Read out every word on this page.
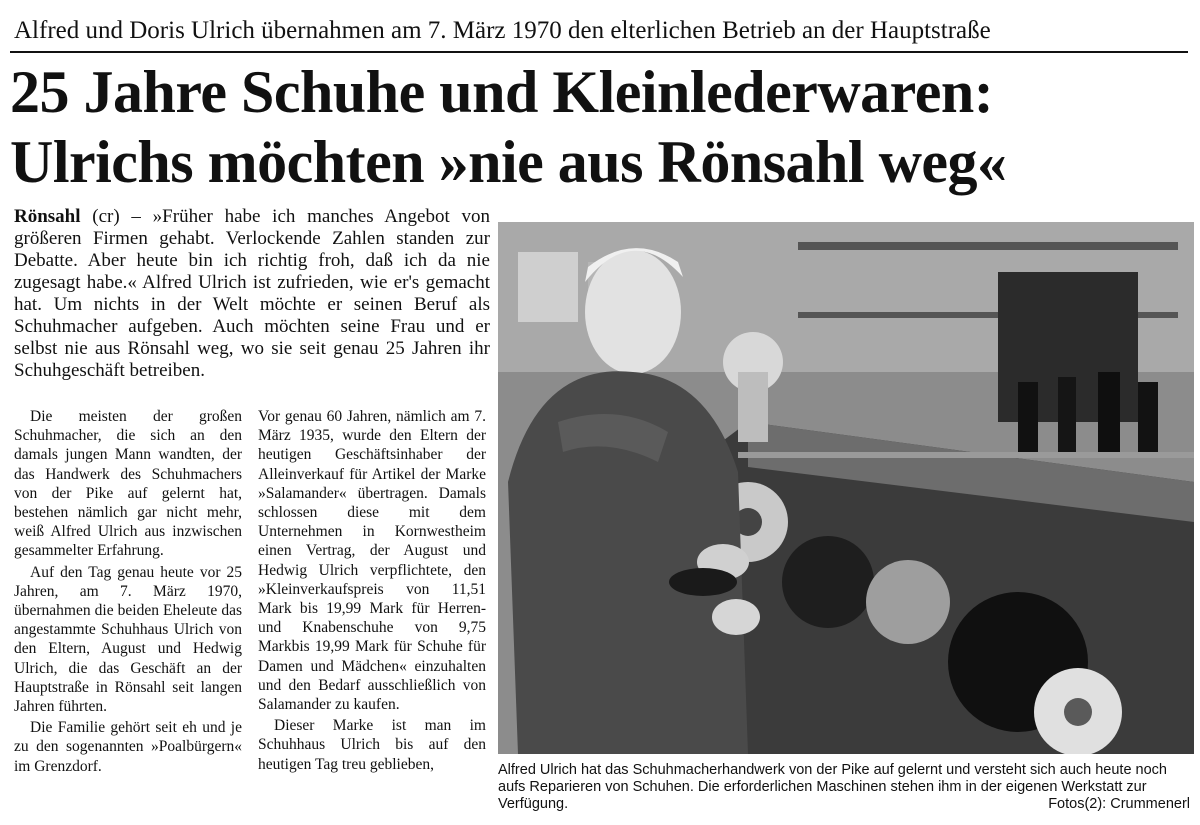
Alfred und Doris Ulrich übernahmen am 7. März 1970 den elterlichen Betrieb an der Hauptstraße
25 Jahre Schuhe und Kleinlederwaren:
Ulrichs möchten »nie aus Rönsahl weg«
Rönsahl (cr) – »Früher habe ich manches Angebot von größeren Firmen gehabt. Verlockende Zahlen standen zur Debatte. Aber heute bin ich richtig froh, daß ich da nie zugesagt habe.« Alfred Ulrich ist zufrieden, wie er's gemacht hat. Um nichts in der Welt möchte er seinen Beruf als Schuhmacher aufgeben. Auch möchten seine Frau und er selbst nie aus Rönsahl weg, wo sie seit genau 25 Jahren ihr Schuhgeschäft betreiben.

Die meisten der großen Schuhmacher, die sich an den damals jungen Mann wandten, der das Handwerk des Schuhmachers von der Pike auf gelernt hat, bestehen nämlich gar nicht mehr, weiß Alfred Ulrich aus inzwischen gesammelter Erfahrung.

Auf den Tag genau heute vor 25 Jahren, am 7. März 1970, übernahmen die beiden Eheleute das angestammte Schuhhaus Ulrich von den Eltern, August und Hedwig Ulrich, die das Geschäft an der Hauptstraße in Rönsahl seit langen Jahren führten.

Die Familie gehört seit eh und je zu den sogenannten »Poalbürgern« im Grenzdorf.

Vor genau 60 Jahren, nämlich am 7. März 1935, wurde den Eltern der heutigen Geschäftsinhaber der Alleinverkauf für Artikel der Marke »Salamander« übertragen. Damals schlossen diese mit dem Unternehmen in Kornwestheim einen Vertrag, der August und Hedwig Ulrich verpflichtete, den »Kleinverkaufspreis von 11,51 Mark bis 19,99 Mark für Herren- und Knabenschuhe von 9,75 Markbis 19,99 Mark für Schuhe für Damen und Mädchen« einzuhalten und den Bedarf ausschließlich von Salamander zu kaufen.

Dieser Marke ist man im Schuhhaus Ulrich bis auf den heutigen Tag treu geblieben,	Alfred Ulrich hat das Schuhmacherhandwerk von der Pike auf gelernt und versteht sich auch heute noch aufs Reparieren von Schuhen. Die erforderlichen Maschinen stehen ihm in der eigenen Werkstatt zur Verfügung.	Fotos(2): Crummenerl
